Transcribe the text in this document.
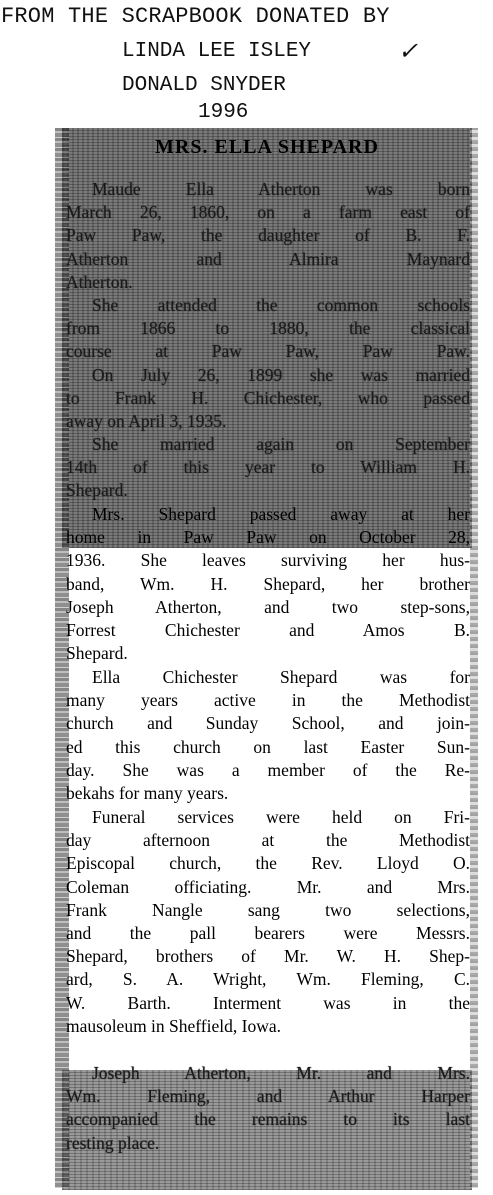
FROM THE SCRAPBOOK DONATED BY
LINDA LEE ISLEY	✓
DONALD SNYDER
1996
MRS. ELLA SHEPARD
Maude Ella Atherton was born
March 26, 1860, on a farm east of
Paw Paw, the daughter of B. F.
Atherton and Almira Maynard
Atherton.
She attended the common schools
from 1866 to 1880, the classical
course at Paw Paw, Paw Paw.
On July 26, 1899 she was married
to Frank H. Chichester, who passed
away on April 3, 1935.
She married again on September
14th of this year to William H.
Shepard.
Mrs. Shepard passed away at her
home in Paw Paw on October 28,
1936. She leaves surviving her hus-
band, Wm. H. Shepard, her brother
Joseph Atherton, and two step-sons,
Forrest Chichester and Amos B.
Shepard.
Ella Chichester Shepard was for
many years active in the Methodist
church and Sunday School, and join-
ed this church on last Easter Sun-
day. She was a member of the Re-
bekahs for many years.
Funeral services were held on Fri-
day afternoon at the Methodist
Episcopal church, the Rev. Lloyd O.
Coleman officiating. Mr. and Mrs.
Frank Nangle sang two selections,
and the pall bearers were Messrs.
Shepard, brothers of Mr. W. H. Shep-
ard, S. A. Wright, Wm. Fleming, C.
W. Barth. Interment was in the
mausoleum in Sheffield, Iowa.
Joseph Atherton, Mr. and Mrs.
Wm. Fleming, and Arthur Harper
accompanied the remains to its last
resting place.
